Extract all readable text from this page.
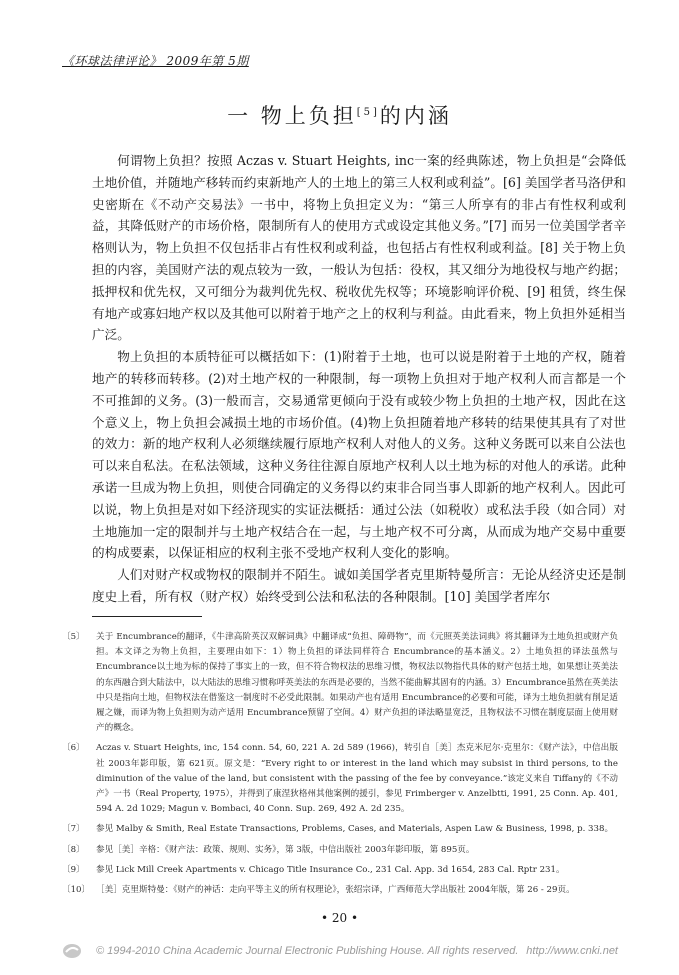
《环球法律评论》 2009年第 5期
一 物上负担[5]的内涵

何谓物上负担？按照 Aczas v. Stuart Heights, inc一案的经典陈述，物上负担是“会降低土地价值，并随地产移转而约束新地产人的土地上的第三人权利或利益”。[6] 美国学者马洛伊和史密斯在《不动产交易法》一书中，将物上负担定义为：“第三人所享有的非占有性权利或利益，其降低财产的市场价格，限制所有人的使用方式或设定其他义务。”[7] 而另一位美国学者辛格则认为，物上负担不仅包括非占有性权利或利益，也包括占有性权利或利益。[8] 关于物上负担的内容，美国财产法的观点较为一致，一般认为包括：役权，其又细分为地役权与地产约据；抵押权和优先权，又可细分为裁判优先权、税收优先权等；环境影响评价税、[9] 租赁，终生保有地产或寡妇地产权以及其他可以附着于地产之上的权利与利益。由此看来，物上负担外延相当广泛。

物上负担的本质特征可以概括如下：(1)附着于土地，也可以说是附着于土地的产权，随着地产的转移而转移。(2)对土地产权的一种限制，每一项物上负担对于地产权利人而言都是一个不可推卸的义务。(3)一般而言，交易通常更倾向于没有或较少物上负担的土地产权，因此在这个意义上，物上负担会减损土地的市场价值。(4)物上负担随着地产移转的结果使其具有了对世的效力：新的地产权利人必须继续履行原地产权利人对他人的义务。这种义务既可以来自公法也可以来自私法。在私法领域，这种义务往往源自原地产权利人以土地为标的对他人的承诺。此种承诺一旦成为物上负担，则使合同确定的义务得以约束非合同当事人即新的地产权利人。因此可以说，物上负担是对如下经济现实的实证法概括：通过公法（如税收）或私法手段（如合同）对土地施加一定的限制并与土地产权结合在一起，与土地产权不可分离，从而成为地产交易中重要的构成要素，以保证相应的权利主张不受地产权利人变化的影响。

人们对财产权或物权的限制并不陌生。诚如美国学者克里斯特曼所言：无论从经济史还是制度史上看，所有权（财产权）始终受到公法和私法的各种限制。[10] 美国学者库尔

〔5〕	关于 Encumbrance的翻译，《牛津高阶英汉双解词典》中翻译成“负担、障碍物”，而《元照英美法词典》将其翻译为土地负担或财产负担。本文译之为物上负担，主要理由如下：1）物上负担的译法同样符合 Encumbrance的基本涵义。2）土地负担的译法虽然与 Encumbrance以土地为标的保持了事实上的一致，但不符合物权法的思维习惯，物权法以物指代具体的财产包括土地，如果想让英美法的东西融合到大陆法中，以大陆法的思维习惯称呼英美法的东西是必要的，当然不能曲解其固有的内涵。3）Encumbrance虽然在英美法中只是指向土地，但物权法在借鉴这一制度时不必受此限制。如果动产也有适用 Encumbrance的必要和可能，译为土地负担就有削足适履之嫌，而译为物上负担则为动产适用 Encumbrance预留了空间。4）财产负担的译法略显宽泛，且物权法不习惯在制度层面上使用财产的概念。
〔6〕	Aczas v. Stuart Heights, inc, 154 conn. 54, 60, 221 A. 2d 589 (1966)，转引自［美］杰克米尼尔·克里尔：《财产法》，中信出版社 2003年影印版，第 621页。原文是：“Every right to or interest in the land which may subsist in third persons, to the diminution of the value of the land, but consistent with the passing of the fee by conveyance.”该定义来自 Tiffany的《不动产》一书（Real Property, 1975），并得到了康涅狄格州其他案例的援引，参见 Frimberger v. Anzelbtti, 1991, 25 Conn. Ap. 401, 594 A. 2d 1029; Magun v. Bombaci, 40 Conn. Sup. 269, 492 A. 2d 235。
〔7〕	参见 Malby & Smith, Real Estate Transactions, Problems, Cases, and Materials, Aspen Law & Business, 1998, p. 338。
〔8〕	参见［美］辛格：《财产法：政策、规则、实务》，第 3版，中信出版社 2003年影印版，第 895页。
〔9〕	参见 Lick Mill Creek Apartments v. Chicago Title Insurance Co., 231 Cal. App. 3d 1654, 283 Cal. Rptr 231。
〔10〕 ［美］克里斯特曼：《财产的神话：走向平等主义的所有权理论》，张绍宗译，广西师范大学出版社 2004年版，第 26 - 29页。
• 20 •
© 1994-2010 China Academic Journal Electronic Publishing House. All rights reserved. http://www.cnki.net
